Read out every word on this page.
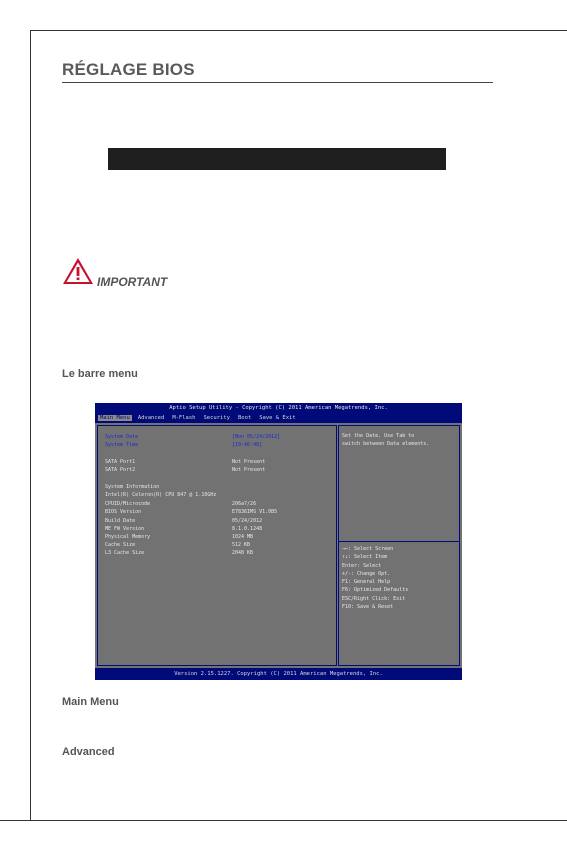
RÉGLAGE BIOS
IMPORTANT
Le barre menu
Aptio Setup Utility - Copyright (C) 2011 American Megatrends, Inc.
Main Menu	Advanced	M-Flash	Security	Boot	Save & Exit
System Date	[Mon 05/24/2012]
System Time	[10:46:48]
SATA Port1	Not Present
SATA Port2	Not Present
System Information
Intel(R) Celeron(R) CPU 847 @ 1.10GHz
CPUID/Microcode	206a7/26
BIOS Version	E7836IMS V1.0B5
Build Date	05/24/2012
ME FW Version	8.1.0.1248
Physical Memory	1024 MB
Cache Size	512 KB
L3 Cache Size	2048 KB
Set the Date. Use Tab to
switch between Data elements.
→←: Select Screen
↑↓: Select Item
Enter: Select
+/-: Change Opt.
F1: General Help
F6: Optimized Defaults
ESC/Right Click: Exit
F10: Save & Reset
Version 2.15.1227. Copyright (C) 2011 American Megatrends, Inc.
Main Menu
Advanced
